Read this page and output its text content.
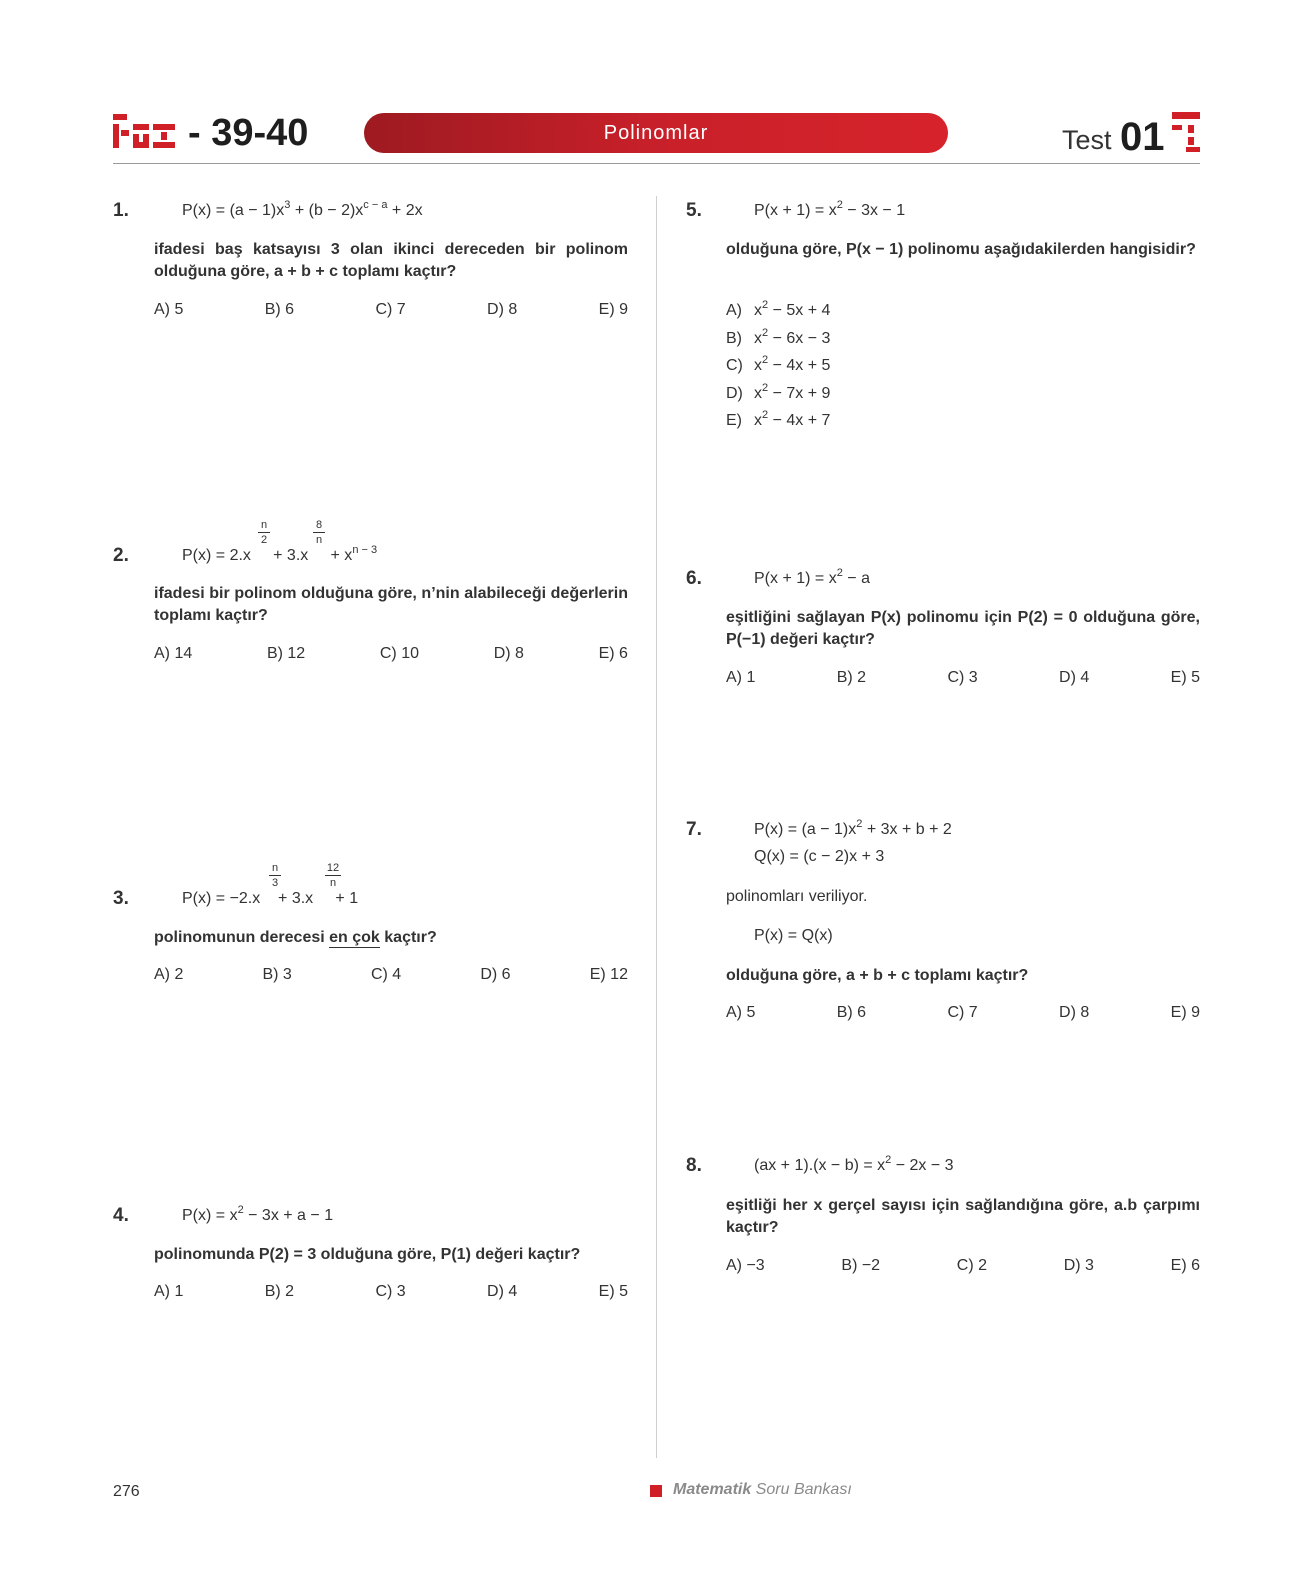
- 39-40	Polinomlar	Test 01
1.	$P(x) = (a - 1)x^3 + (b - 2)x^{c - a} + 2x$
ifadesi baş katsayısı 3 olan ikinci dereceden bir polinom olduğuna göre, a + b + c toplamı kaçtır?
A) 5	B) 6	C) 7	D) 8	E) 9
2.	$P(x) = 2.x + 3.x + x^{n - 3}$
n
2
8
n
ifadesi bir polinom olduğuna göre, n’nin alabileceği değerlerin toplamı kaçtır?
A) 14	B) 12	C) 10	D) 8	E) 6
3.	P(x) = −2.x + 3.x + 1
n
3
12
n
polinomunun derecesi en çok kaçtır?
A) 2	B) 3	C) 4	D) 6	E) 12
4.	$P(x) = x^2 - 3x + a - 1$
polinomunda P(2) = 3 olduğuna göre, P(1) değeri kaçtır?
A) 1	B) 2	C) 3	D) 4	E) 5
5.	$P(x + 1) = x^2 - 3x - 1$
olduğuna göre, P(x − 1) polinomu aşağıdakilerden hangisidir?
A) $x^2 - 5x + 4$
B) $x^2 - 6x - 3$
C) $x^2 - 4x + 5$
D) $x^2 - 7x + 9$
E) $x^2 - 4x + 7$
6.	$P(x + 1) = x^2 - a$
eşitliğini sağlayan P(x) polinomu için P(2) = 0 olduğuna göre, P(−1) değeri kaçtır?
A) 1	B) 2	C) 3	D) 4	E) 5
7.	$P(x) = (a - 1)x^2 + 3x + b + 2$
Q(x) = (c − 2)x + 3
polinomları veriliyor.
P(x) = Q(x)
olduğuna göre, a + b + c toplamı kaçtır?
A) 5	B) 6	C) 7	D) 8	E) 9
8.	$(ax + 1).(x - b) = x^2 - 2x - 3$
eşitliği her x gerçel sayısı için sağlandığına göre, a.b çarpımı kaçtır?
A) −3	B) −2	C) 2	D) 3	E) 6
276	Matematik Soru Bankası
